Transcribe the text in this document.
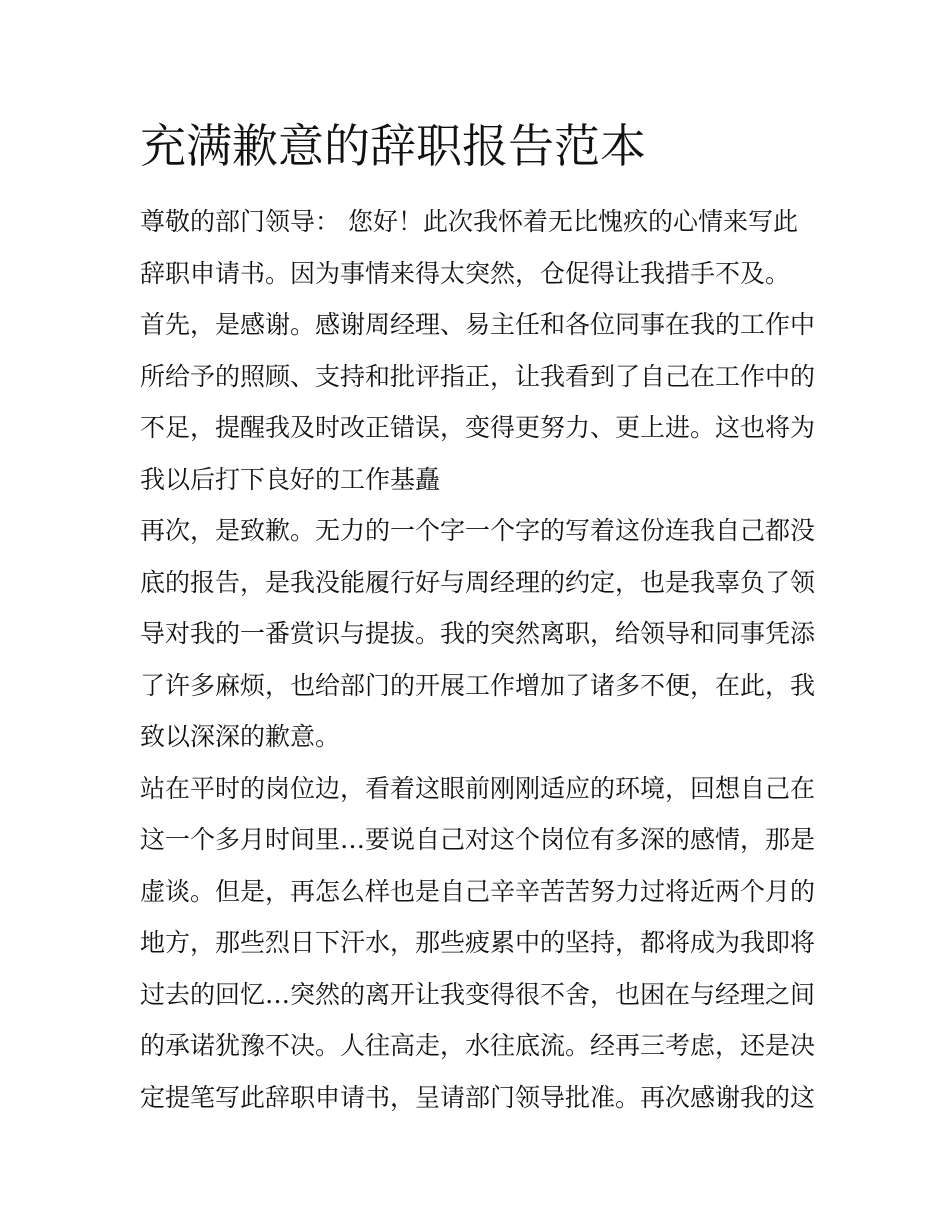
充满歉意的辞职报告范本
尊敬的部门领导： 您好！此次我怀着无比愧疚的心情来写此
辞职申请书。因为事情来得太突然，仓促得让我措手不及。
首先，是感谢。感谢周经理、易主任和各位同事在我的工作中
所给予的照顾、支持和批评指正，让我看到了自己在工作中的
不足，提醒我及时改正错误，变得更努力、更上进。这也将为
我以后打下良好的工作基矗
再次，是致歉。无力的一个字一个字的写着这份连我自己都没
底的报告，是我没能履行好与周经理的约定，也是我辜负了领
导对我的一番赏识与提拔。我的突然离职，给领导和同事凭添
了许多麻烦，也给部门的开展工作增加了诸多不便，在此，我
致以深深的歉意。
站在平时的岗位边，看着这眼前刚刚适应的环境，回想自己在
这一个多月时间里…要说自己对这个岗位有多深的感情，那是
虚谈。但是，再怎么样也是自己辛辛苦苦努力过将近两个月的
地方，那些烈日下汗水，那些疲累中的坚持，都将成为我即将
过去的回忆…突然的离开让我变得很不舍，也困在与经理之间
的承诺犹豫不决。人往高走，水往底流。经再三考虑，还是决
定提笔写此辞职申请书，呈请部门领导批准。再次感谢我的这
